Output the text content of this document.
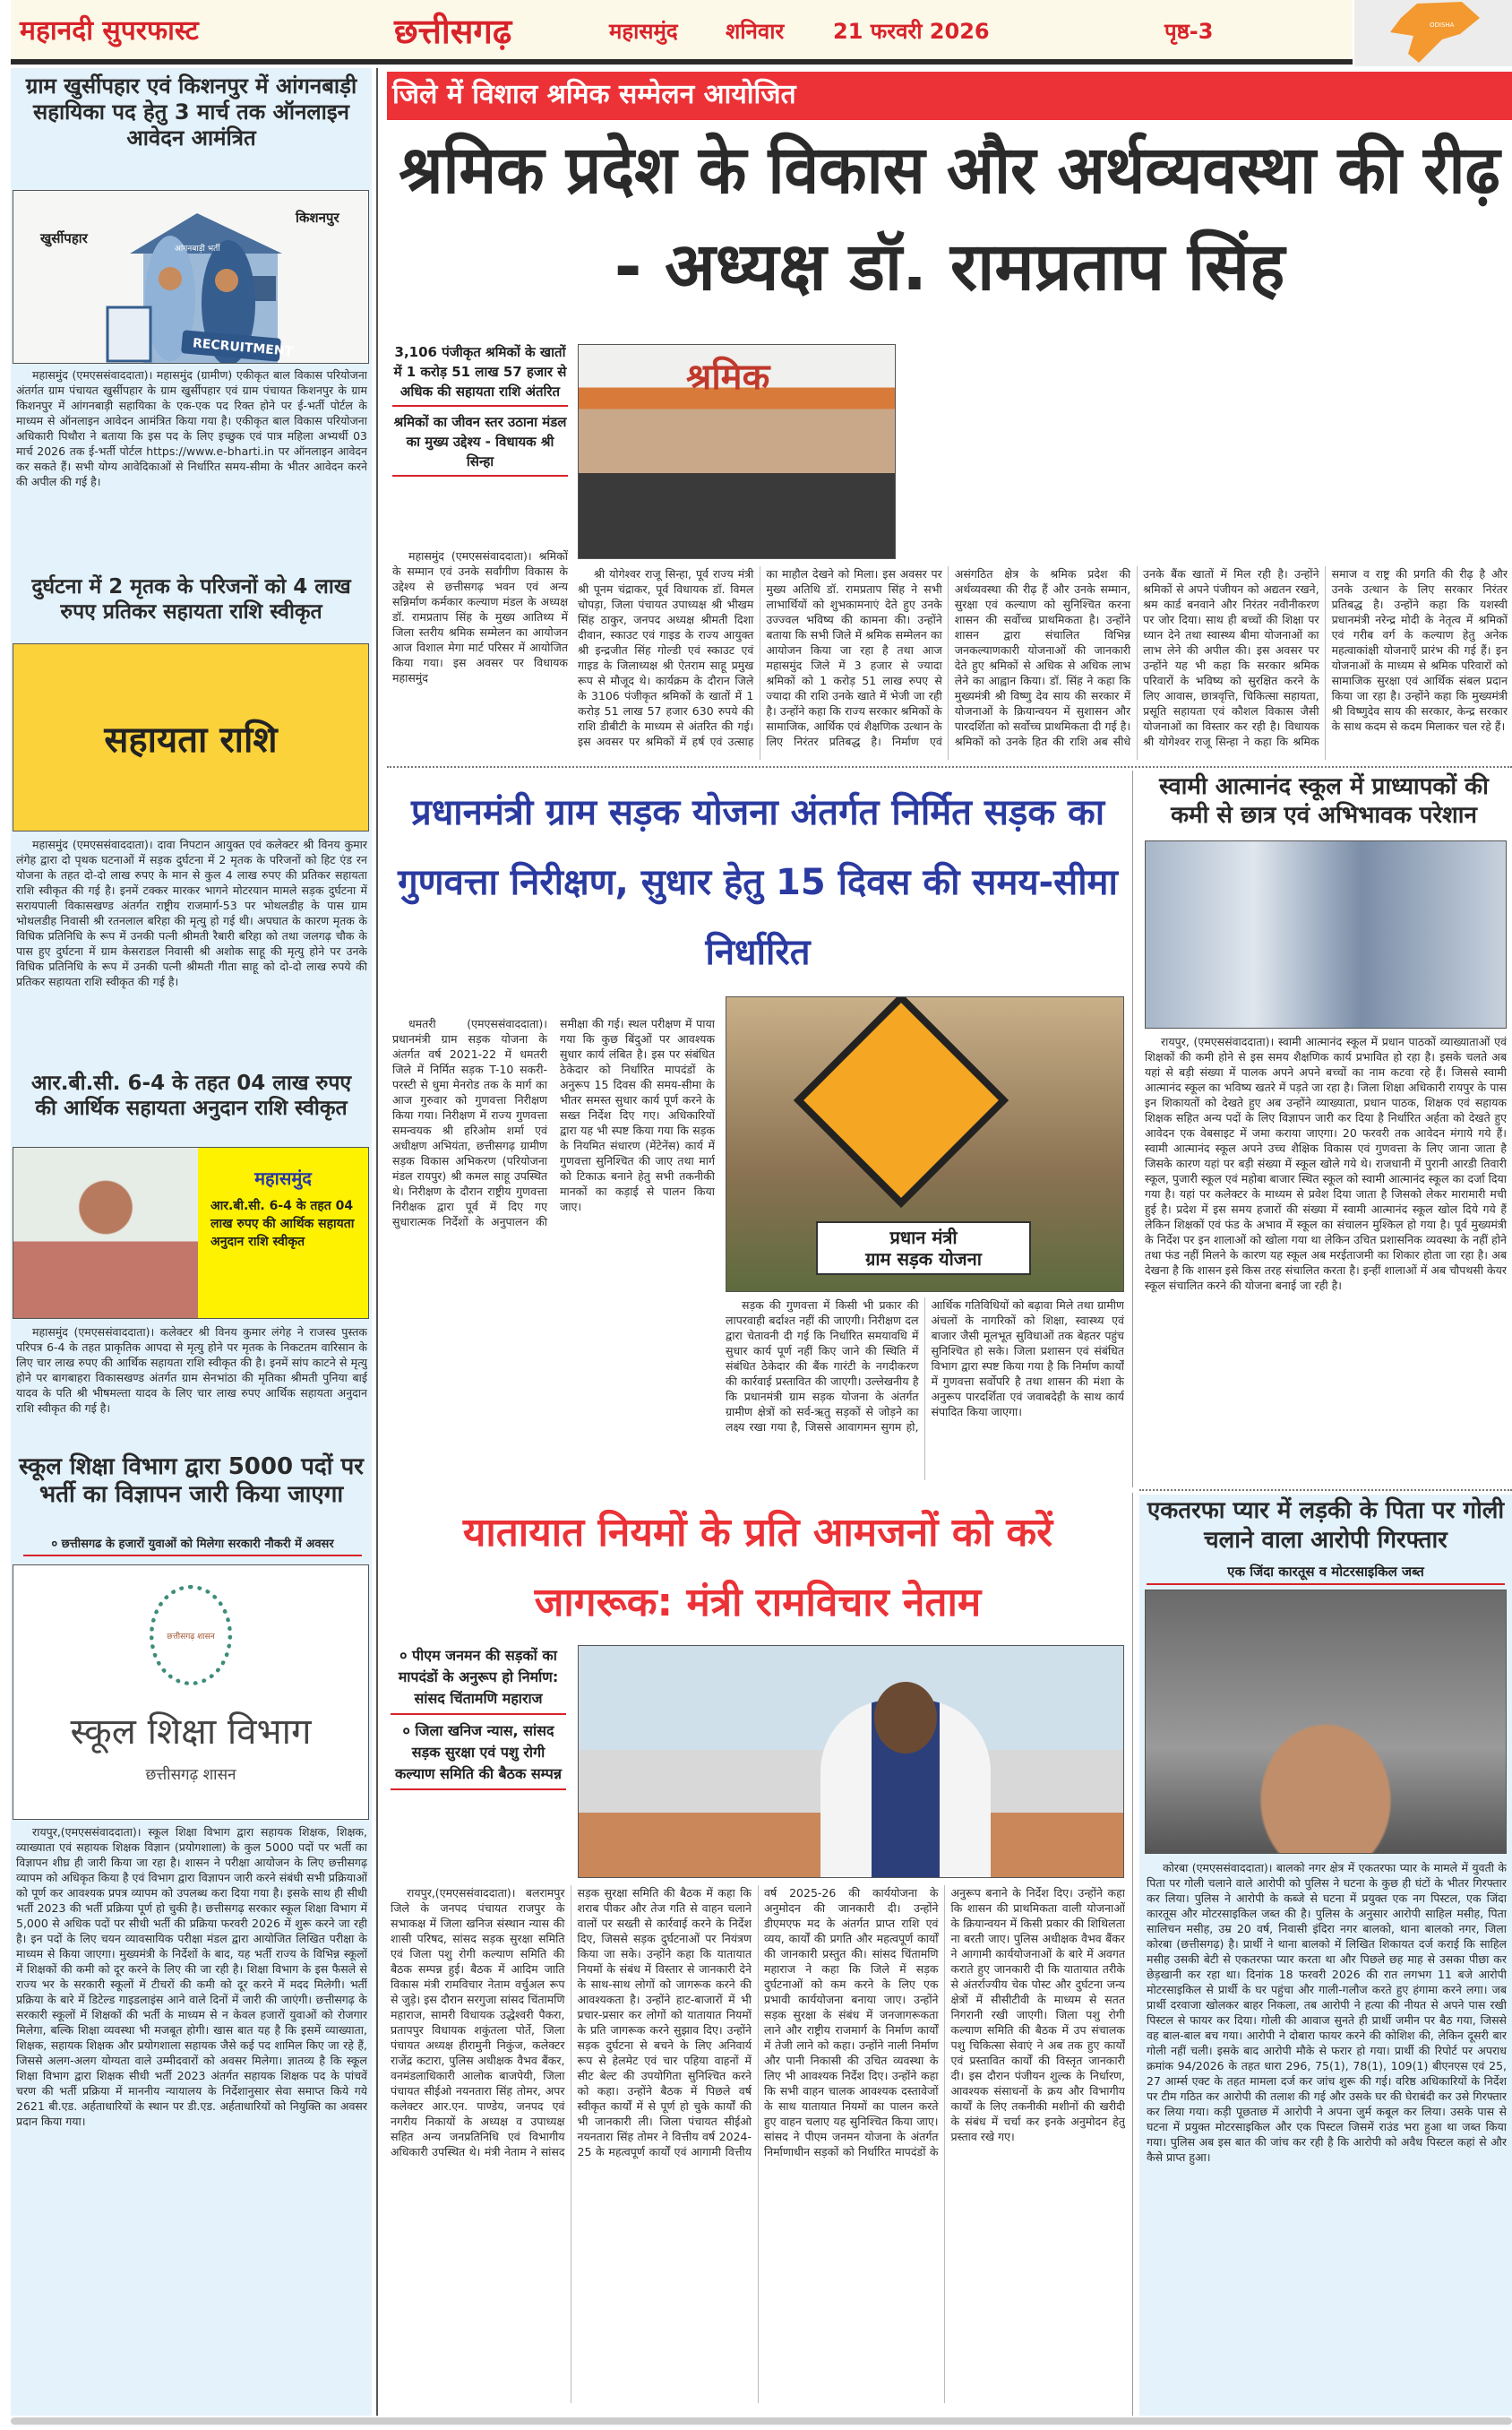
महानदी सुपरफास्ट	छत्तीसगढ़	महासमुंद शनिवार 21 फरवरी 2026	पृष्ठ-3	ODISHA
ग्राम खुर्सीपहार एवं किशनपुर में आंगनबाड़ी सहायिका पद हेतु 3 मार्च तक ऑनलाइन आवेदन आमंत्रित
RECRUITMENT
आंगनबाड़ी भर्ती
खुर्सीपहार
किशनपुर
महासमुंद (एमएससंवाददाता)। महासमुंद (ग्रामीण) एकीकृत बाल विकास परियोजना अंतर्गत ग्राम पंचायत खुर्सीपहार के ग्राम खुर्सीपहार एवं ग्राम पंचायत किशनपुर के ग्राम किशनपुर में आंगनबाड़ी सहायिका के एक-एक पद रिक्त होने पर ई-भर्ती पोर्टल के माध्यम से ऑनलाइन आवेदन आमंत्रित किया गया है। एकीकृत बाल विकास परियोजना अधिकारी पिथौरा ने बताया कि इस पद के लिए इच्छुक एवं पात्र महिला अभ्यर्थी 03 मार्च 2026 तक ई-भर्ती पोर्टल https://www.e-bharti.in पर ऑनलाइन आवेदन कर सकते हैं। सभी योग्य आवेदिकाओं से निर्धारित समय-सीमा के भीतर आवेदन करने की अपील की गई है।
दुर्घटना में 2 मृतक के परिजनों को 4 लाख रुपए प्रतिकर सहायता राशि स्वीकृत
सहायता राशि
महासमुंद (एमएससंवाददाता)। दावा निपटान आयुक्त एवं कलेक्टर श्री विनय कुमार लंगेह द्वारा दो पृथक घटनाओं में सड़क दुर्घटना में 2 मृतक के परिजनों को हिट एंड रन योजना के तहत दो-दो लाख रुपए के मान से कुल 4 लाख रुपए की प्रतिकर सहायता राशि स्वीकृत की गई है। इनमें टक्कर मारकर भागने मोटरयान मामले सड़क दुर्घटना में सरायपाली विकासखण्ड अंतर्गत राष्ट्रीय राजमार्ग-53 पर भोथलडीह के पास ग्राम भोथलडीह निवासी श्री रतनलाल बरिहा की मृत्यु हो गई थी। अपघात के कारण मृतक के विधिक प्रतिनिधि के रूप में उनकी पत्नी श्रीमती रैबारी बरिहा को तथा जलगढ़ चौक के पास हुए दुर्घटना में ग्राम केसराडल निवासी श्री अशोक साहू की मृत्यु होने पर उनके विधिक प्रतिनिधि के रूप में उनकी पत्नी श्रीमती गीता साहू को दो-दो लाख रुपये की प्रतिकर सहायता राशि स्वीकृत की गई है।
आर.बी.सी. 6-4 के तहत 04 लाख रुपए की आर्थिक सहायता अनुदान राशि स्वीकृत
महासमुंद
आर.बी.सी. 6-4 के तहत 04 लाख रुपए की आर्थिक सहायता अनुदान राशि स्वीकृत
महासमुंद (एमएससंवाददाता)। कलेक्टर श्री विनय कुमार लंगेह ने राजस्व पुस्तक परिपत्र 6-4 के तहत प्राकृतिक आपदा से मृत्यु होने पर मृतक के निकटतम वारिसान के लिए चार लाख रुपए की आर्थिक सहायता राशि स्वीकृत की है। इनमें सांप काटने से मृत्यु होने पर बागबाहरा विकासखण्ड अंतर्गत ग्राम सेनभांठा की मृतिका श्रीमती पुनिया बाई यादव के पति श्री भीषमल्ता यादव के लिए चार लाख रुपए आर्थिक सहायता अनुदान राशि स्वीकृत की गई है।
स्कूल शिक्षा विभाग द्वारा 5000 पदों पर भर्ती का विज्ञापन जारी किया जाएगा
० छत्तीसगढ के हजारों युवाओं को मिलेगा सरकारी नौकरी में अवसर
छत्तीसगढ़ शासन
स्कूल शिक्षा विभाग
छत्तीसगढ़ शासन
रायपुर,(एमएससंवाददाता)। स्कूल शिक्षा विभाग द्वारा सहायक शिक्षक, शिक्षक, व्याख्याता एवं सहायक शिक्षक विज्ञान (प्रयोगशाला) के कुल 5000 पदों पर भर्ती का विज्ञापन शीघ्र ही जारी किया जा रहा है। शासन ने परीक्षा आयोजन के लिए छत्तीसगढ़ व्यापम को अधिकृत किया है एवं विभाग द्वारा विज्ञापन जारी करने संबंधी सभी प्रक्रियाओं को पूर्ण कर आवश्यक प्रपत्र व्यापम को उपलब्ध करा दिया गया है। इसके साथ ही सीधी भर्ती 2023 की भर्ती प्रक्रिया पूर्ण हो चुकी है। छत्तीसगढ़ सरकार स्कूल शिक्षा विभाग में 5,000 से अधिक पदों पर सीधी भर्ती की प्रक्रिया फरवरी 2026 में शुरू करने जा रही है। इन पदों के लिए चयन व्यावसायिक परीक्षा मंडल द्वारा आयोजित लिखित परीक्षा के माध्यम से किया जाएगा। मुख्यमंत्री के निर्देशों के बाद, यह भर्ती राज्य के विभिन्न स्कूलों में शिक्षकों की कमी को दूर करने के लिए की जा रही है। शिक्षा विभाग के इस फैसले से राज्य भर के सरकारी स्कूलों में टीचरों की कमी को दूर करने में मदद मिलेगी। भर्ती प्रक्रिया के बारे में डिटेल्ड गाइडलाइंस आने वाले दिनों में जारी की जाएंगी। छत्तीसगढ़ के सरकारी स्कूलों में शिक्षकों की भर्ती के माध्यम से न केवल हजारों युवाओं को रोजगार मिलेगा, बल्कि शिक्षा व्यवस्था भी मजबूत होगी। खास बात यह है कि इसमें व्याख्याता, शिक्षक, सहायक शिक्षक और प्रयोगशाला सहायक जैसे कई पद शामिल किए जा रहे हैं, जिससे अलग-अलग योग्यता वाले उम्मीदवारों को अवसर मिलेगा। ज्ञातव्य है कि स्कूल शिक्षा विभाग द्वारा शिक्षक सीधी भर्ती 2023 अंतर्गत सहायक शिक्षक पद के पांचवें चरण की भर्ती प्रक्रिया में माननीय न्यायालय के निर्देशानुसार सेवा समाप्त किये गये 2621 बी.एड. अर्हताधारियों के स्थान पर डी.एड. अर्हताधारियों को नियुक्ति का अवसर प्रदान किया गया।
जिले में विशाल श्रमिक सम्मेलन आयोजित
श्रमिक प्रदेश के विकास और अर्थव्यवस्था की रीढ़
- अध्यक्ष डॉ. रामप्रताप सिंह
3,106 पंजीकृत श्रमिकों के खातों में 1 करोड़ 51 लाख 57 हजार से अधिक की सहायता राशि अंतरित
श्रमिकों का जीवन स्तर उठाना मंडल का मुख्य उद्देश्य - विधायक श्री सिन्हा
महासमुंद (एमएससंवाददाता)। श्रमिकों के सम्मान एवं उनके सर्वांगीण विकास के उद्देश्य से छत्तीसगढ़ भवन एवं अन्य सन्निर्माण कर्मकार कल्याण मंडल के अध्यक्ष डॉ. रामप्रताप सिंह के मुख्य आतिथ्य में जिला स्तरीय श्रमिक सम्मेलन का आयोजन आज विशाल मेगा मार्ट परिसर में आयोजित किया गया। इस अवसर पर विधायक महासमुंद
श्रमिक
श्री योगेश्वर राजू सिन्हा, पूर्व राज्य मंत्री श्री पूनम चंद्राकर, पूर्व विधायक डॉ. विमल चोपड़ा, जिला पंचायत उपाध्यक्ष श्री भीखम सिंह ठाकुर, जनपद अध्यक्ष श्रीमती दिशा दीवान, स्काउट एवं गाइड के राज्य आयुक्त श्री इन्द्रजीत सिंह गोल्डी एवं स्काउट एवं गाइड के जिलाध्यक्ष श्री ऐतराम साहू प्रमुख रूप से मौजूद थे। कार्यक्रम के दौरान जिले के 3106 पंजीकृत श्रमिकों के खातों में 1 करोड़ 51 लाख 57 हजार 630 रुपये की राशि डीबीटी के माध्यम से अंतरित की गई। इस अवसर पर श्रमिकों में हर्ष एवं उत्साह का माहौल देखने को मिला। इस अवसर पर मुख्य अतिथि डॉ. रामप्रताप सिंह ने सभी लाभार्थियों को शुभकामनाएं देते हुए उनके उज्ज्वल भविष्य की कामना की। उन्होंने बताया कि सभी जिले में श्रमिक सम्मेलन का आयोजन किया जा रहा है तथा आज महासमुंद जिले में 3 हजार से ज्यादा श्रमिकों को 1 करोड़ 51 लाख रुपए से ज्यादा की राशि उनके खाते में भेजी जा रही है। उन्होंने कहा कि राज्य सरकार श्रमिकों के सामाजिक, आर्थिक एवं शैक्षणिक उत्थान के लिए निरंतर प्रतिबद्ध है। निर्माण एवं असंगठित क्षेत्र के श्रमिक प्रदेश की अर्थव्यवस्था की रीढ़ हैं और उनके सम्मान, सुरक्षा एवं कल्याण को सुनिश्चित करना शासन की सर्वोच्च प्राथमिकता है। उन्होंने शासन द्वारा संचालित विभिन्न जनकल्याणकारी योजनाओं की जानकारी देते हुए श्रमिकों से अधिक से अधिक लाभ लेने का आह्वान किया। डॉ. सिंह ने कहा कि मुख्यमंत्री श्री विष्णु देव साय की सरकार में योजनाओं के क्रियान्वयन में सुशासन और पारदर्शिता को सर्वोच्च प्राथमिकता दी गई है। श्रमिकों को उनके हित की राशि अब सीधे उनके बैंक खातों में मिल रही है। उन्होंने श्रमिकों से अपने पंजीयन को अद्यतन रखने, श्रम कार्ड बनवाने और निरंतर नवीनीकरण पर जोर दिया। साथ ही बच्चों की शिक्षा पर ध्यान देने तथा स्वास्थ्य बीमा योजनाओं का लाभ लेने की अपील की। इस अवसर पर उन्होंने यह भी कहा कि सरकार श्रमिक परिवारों के भविष्य को सुरक्षित करने के लिए आवास, छात्रवृत्ति, चिकित्सा सहायता, प्रसूति सहायता एवं कौशल विकास जैसी योजनाओं का विस्तार कर रही है। विधायक श्री योगेश्वर राजू सिन्हा ने कहा कि श्रमिक समाज व राष्ट्र की प्रगति की रीढ़ है और उनके उत्थान के लिए सरकार निरंतर प्रतिबद्ध है। उन्होंने कहा कि यशस्वी प्रधानमंत्री नरेन्द्र मोदी के नेतृत्व में श्रमिकों एवं गरीब वर्ग के कल्याण हेतु अनेक महत्वाकांक्षी योजनाएँ प्रारंभ की गई हैं। इन योजनाओं के माध्यम से श्रमिक परिवारों को सामाजिक सुरक्षा एवं आर्थिक संबल प्रदान किया जा रहा है। उन्होंने कहा कि मुख्यमंत्री श्री विष्णुदेव साय की सरकार, केन्द्र सरकार के साथ कदम से कदम मिलाकर चल रहे हैं।
प्रधानमंत्री ग्राम सड़क योजना अंतर्गत निर्मित सड़क का गुणवत्ता निरीक्षण, सुधार हेतु 15 दिवस की समय-सीमा निर्धारित
धमतरी (एमएससंवाददाता)। प्रधानमंत्री ग्राम सड़क योजना के अंतर्गत वर्ष 2021-22 में धमतरी जिले में निर्मित सड़क T-10 सकरी-परस्टी से धुमा मेनरोड तक के मार्ग का आज गुरुवार को गुणवत्ता निरीक्षण किया गया। निरीक्षण में राज्य गुणवत्ता समन्वयक श्री हरिओम शर्मा एवं अधीक्षण अभियंता, छत्तीसगढ़ ग्रामीण सड़क विकास अभिकरण (परियोजना मंडल रायपुर) श्री कमल साहू उपस्थित थे। निरीक्षण के दौरान राष्ट्रीय गुणवत्ता निरीक्षक द्वारा पूर्व में दिए गए सुधारात्मक निर्देशों के अनुपालन की समीक्षा की गई। स्थल परीक्षण में पाया गया कि कुछ बिंदुओं पर आवश्यक सुधार कार्य लंबित है। इस पर संबंधित ठेकेदार को निर्धारित मापदंडों के अनुरूप 15 दिवस की समय-सीमा के भीतर समस्त सुधार कार्य पूर्ण करने के सख्त निर्देश दिए गए। अधिकारियों द्वारा यह भी स्पष्ट किया गया कि सड़क के नियमित संधारण (मेंटेनेंस) कार्य में गुणवत्ता सुनिश्चित की जाए तथा मार्ग को टिकाऊ बनाने हेतु सभी तकनीकी मानकों का कड़ाई से पालन किया जाए।
प्रधान मंत्री
ग्राम सड़क योजना
सड़क की गुणवत्ता में किसी भी प्रकार की लापरवाही बर्दाश्त नहीं की जाएगी। निरीक्षण दल द्वारा चेतावनी दी गई कि निर्धारित समयावधि में सुधार कार्य पूर्ण नहीं किए जाने की स्थिति में संबंधित ठेकेदार की बैंक गारंटी के नगदीकरण की कार्रवाई प्रस्तावित की जाएगी। उल्लेखनीय है कि प्रधानमंत्री ग्राम सड़क योजना के अंतर्गत ग्रामीण क्षेत्रों को सर्व-ऋतु सड़कों से जोड़ने का लक्ष्य रखा गया है, जिससे आवागमन सुगम हो, आर्थिक गतिविधियों को बढ़ावा मिले तथा ग्रामीण अंचलों के नागरिकों को शिक्षा, स्वास्थ्य एवं बाजार जैसी मूलभूत सुविधाओं तक बेहतर पहुंच सुनिश्चित हो सके। जिला प्रशासन एवं संबंधित विभाग द्वारा स्पष्ट किया गया है कि निर्माण कार्यों में गुणवत्ता सर्वोपरि है तथा शासन की मंशा के अनुरूप पारदर्शिता एवं जवाबदेही के साथ कार्य संपादित किया जाएगा।
स्वामी आत्मानंद स्कूल में प्राध्यापकों की कमी से छात्र एवं अभिभावक परेशान
रायपुर, (एमएससंवाददाता)। स्वामी आत्मानंद स्कूल में प्रधान पाठकों व्याख्याताओं एवं शिक्षकों की कमी होने से इस समय शैक्षणिक कार्य प्रभावित हो रहा है। इसके चलते अब यहां से बड़ी संख्या में पालक अपने अपने बच्चों का नाम कटवा रहे हैं। जिससे स्वामी आत्मानंद स्कूल का भविष्य खतरे में पड़ते जा रहा है। जिला शिक्षा अधिकारी रायपुर के पास इन शिकायतों को देखते हुए अब उन्होंने व्याख्याता, प्रधान पाठक, शिक्षक एवं सहायक शिक्षक सहित अन्य पदों के लिए विज्ञापन जारी कर दिया है निर्धारित अर्हता को देखते हुए आवेदन एक वेबसाइट में जमा कराया जाएगा। 20 फरवरी तक आवेदन मंगाये गये हैं। स्वामी आत्मानंद स्कूल अपने उच्च शैक्षिक विकास एवं गुणवत्ता के लिए जाना जाता है जिसके कारण यहां पर बड़ी संख्या में स्कूल खोले गये थे। राजधानी में पुरानी आरडी तिवारी स्कूल, पुजारी स्कूल एवं महोबा बाजार स्थित स्कूल को स्वामी आत्मानंद स्कूल का दर्जा दिया गया है। यहां पर कलेक्टर के माध्यम से प्रवेश दिया जाता है जिसको लेकर मारामारी मची हुई है। प्रदेश में इस समय हजारों की संख्या में स्वामी आत्मानंद स्कूल खोल दिये गये हैं लेकिन शिक्षकों एवं फंड के अभाव में स्कूल का संचालन मुश्किल हो गया है। पूर्व मुख्यमंत्री के निर्देश पर इन शालाओं को खोला गया था लेकिन उचित प्रशासनिक व्यवस्था के नहीं होने तथा फंड नहीं मिलने के कारण यह स्कूल अब मरईताजमी का शिकार होता जा रहा है। अब देखना है कि शासन इसे किस तरह संचालित करता है। इन्हीं शालाओं में अब चौपथसी केयर स्कूल संचालित करने की योजना बनाई जा रही है।
यातायात नियमों के प्रति आमजनों को करें
जागरूक: मंत्री रामविचार नेताम
० पीएम जनमन की सड़कों का मापदंडों के अनुरूप हो निर्माण: सांसद चिंतामणि महाराज
० जिला खनिज न्यास, सांसद सड़क सुरक्षा एवं पशु रोगी कल्याण समिति की बैठक सम्पन्न
रायपुर,(एमएससंवाददाता)। बलरामपुर जिले के जनपद पंचायत राजपुर के सभाकक्ष में जिला खनिज संस्थान न्यास की शासी परिषद, सांसद सड़क सुरक्षा समिति एवं जिला पशु रोगी कल्याण समिति की बैठक सम्पन्न हुई। बैठक में आदिम जाति विकास मंत्री रामविचार नेताम वर्चुअल रूप से जुड़े। इस दौरान सरगुजा सांसद चिंतामणि महाराज, सामरी विधायक उद्धेश्वरी पैकरा, प्रतापपुर विधायक शकुंतला पोर्ते, जिला पंचायत अध्यक्ष हीरामुनी निकुंज, कलेक्टर राजेंद्र कटारा, पुलिस अधीक्षक वैभव बैंकर, वनमंडलाधिकारी आलोक बाजपेयी, जिला पंचायत सीईओ नयनतारा सिंह तोमर, अपर कलेक्टर आर.एन. पाण्डेय, जनपद एवं नगरीय निकायों के अध्यक्ष व उपाध्यक्ष सहित अन्य जनप्रतिनिधि एवं विभागीय अधिकारी उपस्थित थे। मंत्री नेताम ने सांसद सड़क सुरक्षा समिति की बैठक में कहा कि शराब पीकर और तेज गति से वाहन चलाने वालों पर सख्ती से कार्रवाई करने के निर्देश दिए, जिससे सड़क दुर्घटनाओं पर नियंत्रण किया जा सके। उन्होंने कहा कि यातायात नियमों के संबंध में विस्तार से जानकारी देने के साथ-साथ लोगों को जागरूक करने की आवश्यकता है। उन्होंने हाट-बाजारों में भी प्रचार-प्रसार कर लोगों को यातायात नियमों के प्रति जागरूक करने सुझाव दिए। उन्होंने सड़क दुर्घटना से बचने के लिए अनिवार्य रूप से हेलमेट एवं चार पहिया वाहनों में सीट बेल्ट की उपयोगिता सुनिश्चित करने को कहा। उन्होंने बैठक में पिछले वर्ष स्वीकृत कार्यों में से पूर्ण हो चुके कार्यों की भी जानकारी ली। जिला पंचायत सीईओ नयनतारा सिंह तोमर ने वित्तीय वर्ष 2024-25 के महत्वपूर्ण कार्यों एवं आगामी वित्तीय वर्ष 2025-26 की कार्ययोजना के अनुमोदन की जानकारी दी। उन्होंने डीएमएफ मद के अंतर्गत प्राप्त राशि एवं व्यय, कार्यों की प्रगति और महत्वपूर्ण कार्यों की जानकारी प्रस्तुत की। सांसद चिंतामणि महाराज ने कहा कि जिले में सड़क दुर्घटनाओं को कम करने के लिए एक प्रभावी कार्ययोजना बनाया जाए। उन्होंने सड़क सुरक्षा के संबंध में जनजागरूकता लाने और राष्ट्रीय राजमार्ग के निर्माण कार्यों में तेजी लाने को कहा। उन्होंने नाली निर्माण और पानी निकासी की उचित व्यवस्था के लिए भी आवश्यक निर्देश दिए। उन्होंने कहा कि सभी वाहन चालक आवश्यक दस्तावेजों के साथ यातायात नियमों का पालन करते हुए वाहन चलाए यह सुनिश्चित किया जाए। सांसद ने पीएम जनमन योजना के अंतर्गत निर्माणाधीन सड़कों को निर्धारित मापदंडों के अनुरूप बनाने के निर्देश दिए। उन्होंने कहा कि शासन की प्राथमिकता वाली योजनाओं के क्रियान्वयन में किसी प्रकार की शिथिलता ना बरती जाए। पुलिस अधीक्षक वैभव बैंकर ने आगामी कार्ययोजनाओं के बारे में अवगत कराते हुए जानकारी दी कि यातायात तरीके से अंतर्राज्यीय चेक पोस्ट और दुर्घटना जन्य क्षेत्रों में सीसीटीवी के माध्यम से सतत निगरानी रखी जाएगी। जिला पशु रोगी कल्याण समिति की बैठक में उप संचालक पशु चिकित्सा सेवाएं ने अब तक हुए कार्यों एवं प्रस्तावित कार्यों की विस्तृत जानकारी दी। इस दौरान पंजीयन शुल्क के निर्धारण, आवश्यक संसाधनों के क्रय और विभागीय कार्यों के लिए तकनीकी मशीनों की खरीदी के संबंध में चर्चा कर इनके अनुमोदन हेतु प्रस्ताव रखे गए।
एकतरफा प्यार में लड़की के पिता पर गोली चलाने वाला आरोपी गिरफ्तार
एक जिंदा कारतूस व मोटरसाइकिल जब्त
कोरबा (एमएससंवाददाता)। बालको नगर क्षेत्र में एकतरफा प्यार के मामले में युवती के पिता पर गोली चलाने वाले आरोपी को पुलिस ने घटना के कुछ ही घंटों के भीतर गिरफ्तार कर लिया। पुलिस ने आरोपी के कब्जे से घटना में प्रयुक्त एक नग पिस्टल, एक जिंदा कारतूस और मोटरसाइकिल जब्त की है। पुलिस के अनुसार आरोपी साहिल मसीह, पिता सालिचन मसीह, उम्र 20 वर्ष, निवासी इंदिरा नगर बालको, थाना बालको नगर, जिला कोरबा (छत्तीसगढ़) है। प्रार्थी ने थाना बालको में लिखित शिकायत दर्ज कराई कि साहिल मसीह उसकी बेटी से एकतरफा प्यार करता था और पिछले छह माह से उसका पीछा कर छेड़खानी कर रहा था। दिनांक 18 फरवरी 2026 की रात लगभग 11 बजे आरोपी मोटरसाइकिल से प्रार्थी के घर पहुंचा और गाली-गलौज करते हुए हंगामा करने लगा। जब प्रार्थी दरवाजा खोलकर बाहर निकला, तब आरोपी ने हत्या की नीयत से अपने पास रखी पिस्टल से फायर कर दिया। गोली की आवाज सुनते ही प्रार्थी जमीन पर बैठ गया, जिससे वह बाल-बाल बच गया। आरोपी ने दोबारा फायर करने की कोशिश की, लेकिन दूसरी बार गोली नहीं चली। इसके बाद आरोपी मौके से फरार हो गया। प्रार्थी की रिपोर्ट पर अपराध क्रमांक 94/2026 के तहत धारा 296, 75(1), 78(1), 109(1) बीएनएस एवं 25, 27 आर्म्स एक्ट के तहत मामला दर्ज कर जांच शुरू की गई। वरिष्ठ अधिकारियों के निर्देश पर टीम गठित कर आरोपी की तलाश की गई और उसके घर की घेराबंदी कर उसे गिरफ्तार कर लिया गया। कड़ी पूछताछ में आरोपी ने अपना जुर्म कबूल कर लिया। उसके पास से घटना में प्रयुक्त मोटरसाइकिल और एक पिस्टल जिसमें राउंड भरा हुआ था जब्त किया गया। पुलिस अब इस बात की जांच कर रही है कि आरोपी को अवैध पिस्टल कहां से और कैसे प्राप्त हुआ।
